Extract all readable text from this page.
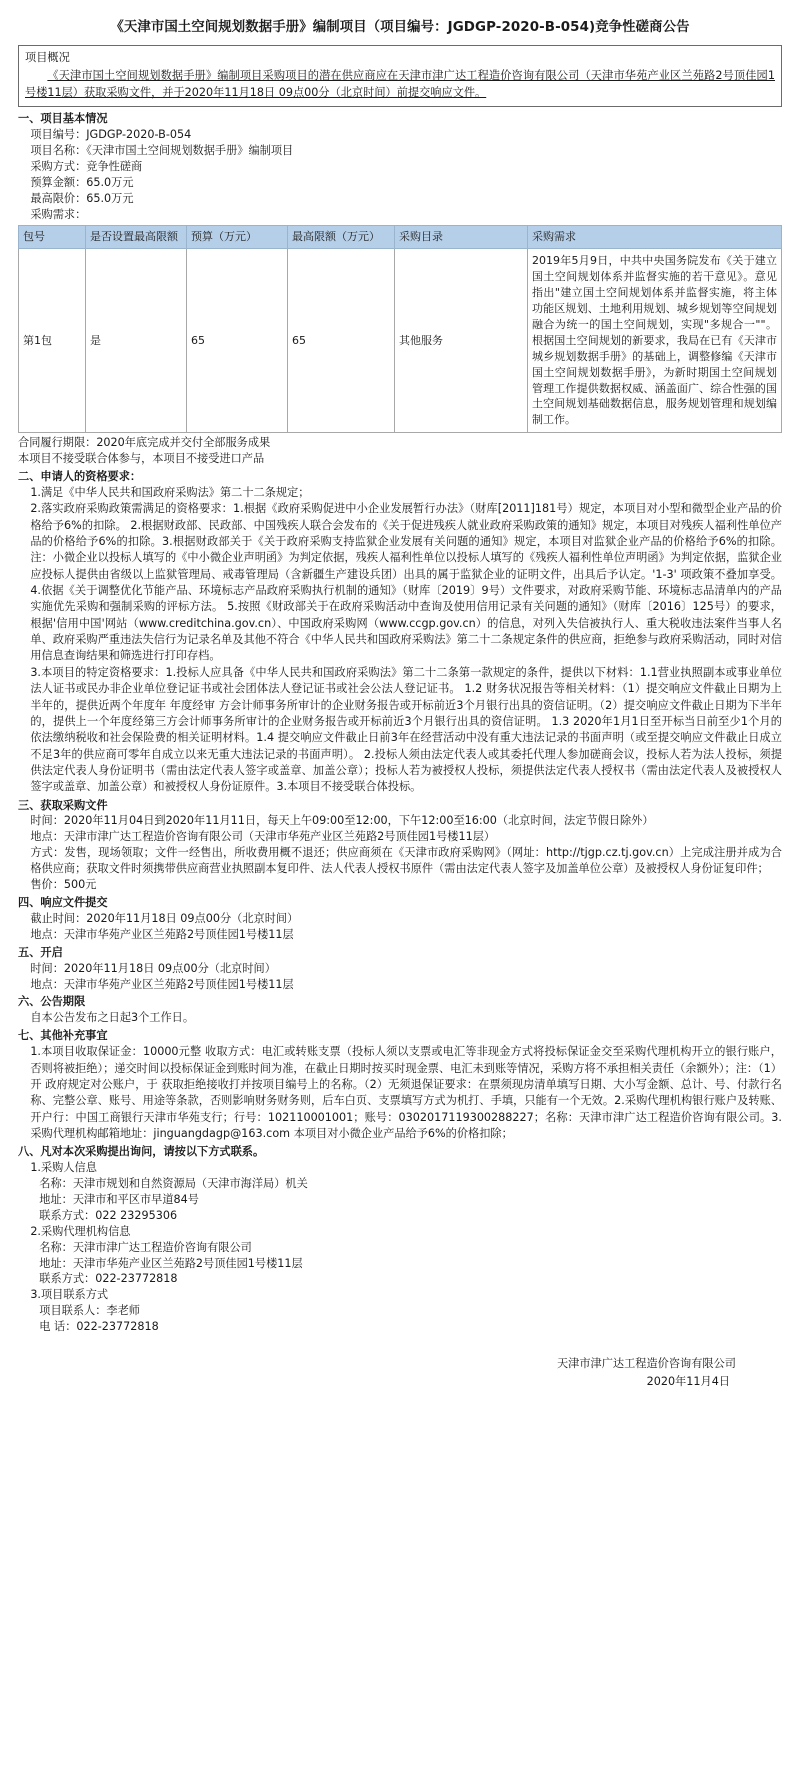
《天津市国土空间规划数据手册》编制项目（项目编号：JGDGP-2020-B-054)竞争性磋商公告

项目概况

《天津市国土空间规划数据手册》编制项目采购项目的潜在供应商应在天津市津广达工程造价咨询有限公司（天津市华苑产业区兰苑路2号顶佳园1号楼11层）获取采购文件，并于2020年11月18日 09点00分（北京时间）前提交响应文件。

一、项目基本情况

项目编号：JGDGP-2020-B-054

项目名称：《天津市国土空间规划数据手册》编制项目

采购方式：竞争性磋商

预算金额：65.0万元

最高限价：65.0万元

采购需求：

包号	是否设置最高限额	预算（万元）	最高限额（万元）	采购目录	采购需求
第1包	是	65	65	其他服务	2019年5月9日，中共中央国务院发布《关于建立国土空间规划体系并监督实施的若干意见》。意见指出"建立国土空间规划体系并监督实施，将主体功能区规划、土地利用规划、城乡规划等空间规划融合为统一的国土空间规划，实现"多规合一""。根据国土空间规划的新要求，我局在已有《天津市城乡规划数据手册》的基础上，调整修编《天津市国土空间规划数据手册》，为新时期国土空间规划管理工作提供数据权威、涵盖面广、综合性强的国土空间规划基础数据信息，服务规划管理和规划编制工作。

合同履行期限：2020年底完成并交付全部服务成果

本项目不接受联合体参与，本项目不接受进口产品

二、申请人的资格要求：

1.满足《中华人民共和国政府采购法》第二十二条规定；

2.落实政府采购政策需满足的资格要求：1.根据《政府采购促进中小企业发展暂行办法》（财库[2011]181号）规定，本项目对小型和微型企业产品的价格给予6%的扣除。 2.根据财政部、民政部、中国残疾人联合会发布的《关于促进残疾人就业政府采购政策的通知》规定，本项目对残疾人福利性单位产品的价格给予6%的扣除。3.根据财政部关于《关于政府采购支持监狱企业发展有关问题的通知》规定，本项目对监狱企业产品的价格给予6%的扣除。注：小微企业以投标人填写的《中小微企业声明函》为判定依据，残疾人福利性单位以投标人填写的《残疾人福利性单位声明函》为判定依据，监狱企业应投标人提供由省级以上监狱管理局、戒毒管理局（含新疆生产建设兵团）出具的属于监狱企业的证明文件，出具后予认定。'1-3' 项政策不叠加享受。4.依据《关于调整优化节能产品、环境标志产品政府采购执行机制的通知》（财库〔2019〕9号）文件要求，对政府采购节能、环境标志品清单内的产品实施优先采购和强制采购的评标方法。 5.按照《财政部关于在政府采购活动中查询及使用信用记录有关问题的通知》（财库〔2016〕125号）的要求，根据'信用中国'网站（www.creditchina.gov.cn）、中国政府采购网（www.ccgp.gov.cn）的信息，对列入失信被执行人、重大税收违法案件当事人名单、政府采购严重违法失信行为记录名单及其他不符合《中华人民共和国政府采购法》第二十二条规定条件的供应商，拒绝参与政府采购活动，同时对信用信息查询结果和筛选进行打印存档。

3.本项目的特定资格要求：1.投标人应具备《中华人民共和国政府采购法》第二十二条第一款规定的条件，提供以下材料：1.1营业执照副本或事业单位法人证书或民办非企业单位登记证书或社会团体法人登记证书或社会公法人登记证书。 1.2 财务状况报告等相关材料：（1）提交响应文件截止日期为上半年的，提供近两个年度年 年度经审 方会计师事务所审计的企业财务报告或开标前近3个月银行出具的资信证明。（2）提交响应文件截止日期为下半年的，提供上一个年度经第三方会计师事务所审计的企业财务报告或开标前近3个月银行出具的资信证明。 1.3 2020年1月1日至开标当日前至少1个月的依法缴纳税收和社会保险费的相关证明材料。1.4 提交响应文件截止日前3年在经营活动中没有重大违法记录的书面声明（或至提交响应文件截止日成立不足3年的供应商可零年自成立以来无重大违法记录的书面声明）。 2.投标人须由法定代表人或其委托代理人参加磋商会议，投标人若为法人投标，须提供法定代表人身份证明书（需由法定代表人签字或盖章、加盖公章）；投标人若为被授权人投标，须提供法定代表人授权书（需由法定代表人及被授权人签字或盖章、加盖公章）和被授权人身份证原件。3.本项目不接受联合体投标。

三、获取采购文件

时间：2020年11月04日到2020年11月11日，每天上午09:00至12:00，下午12:00至16:00（北京时间，法定节假日除外）

地点：天津市津广达工程造价咨询有限公司（天津市华苑产业区兰苑路2号顶佳园1号楼11层）

方式：发售，现场领取；文件一经售出，所收费用概不退还；供应商须在《天津市政府采购网》（网址：http://tjgp.cz.tj.gov.cn）上完成注册并成为合格供应商；获取文件时须携带供应商营业执照副本复印件、法人代表人授权书原件（需由法定代表人签字及加盖单位公章）及被授权人身份证复印件；

售价：500元

四、响应文件提交

截止时间：2020年11月18日 09点00分（北京时间）

地点：天津市华苑产业区兰苑路2号顶佳园1号楼11层

五、开启

时间：2020年11月18日 09点00分（北京时间）

地点：天津市华苑产业区兰苑路2号顶佳园1号楼11层

六、公告期限

自本公告发布之日起3个工作日。

七、其他补充事宜

1.本项目收取保证金：10000元整 收取方式：电汇或转账支票（投标人须以支票或电汇等非现金方式将投标保证金交至采购代理机构开立的银行账户，否则将被拒绝）；递交时间以投标保证金到账时间为准，在截止日期时按买时现金票、电汇未到账等情况，采购方将不承担相关责任（余额外）；注：（1）开 政府规定对公账户，于 获取拒绝接收打并按项目编号上的名称。（2）无须退保证要求：在票须现房清单填写日期、大小写金额、总计、号、付款行名称、完整公章、账号、用途等条款，否则影响财务财务则，后车白页、支票填写方式为机打、手填，只能有一个无效。2.采购代理机构银行账户及转账、开户行：中国工商银行天津市华苑支行；行号：102110001001；账号：0302017119300288227；名称：天津市津广达工程造价咨询有限公司。3.采购代理机构邮箱地址：jinguangdagp@163.com 本项目对小微企业产品给予6%的价格扣除；

八、凡对本次采购提出询问，请按以下方式联系。

1.采购人信息

名称：天津市规划和自然资源局（天津市海洋局）机关

地址：天津市和平区市早道84号

联系方式：022 23295306

2.采购代理机构信息

名称：天津市津广达工程造价咨询有限公司

地址：天津市华苑产业区兰苑路2号顶佳园1号楼11层

联系方式：022-23772818

3.项目联系方式

项目联系人：李老师

电 话：022-23772818

天津市津广达工程造价咨询有限公司
2020年11月4日
